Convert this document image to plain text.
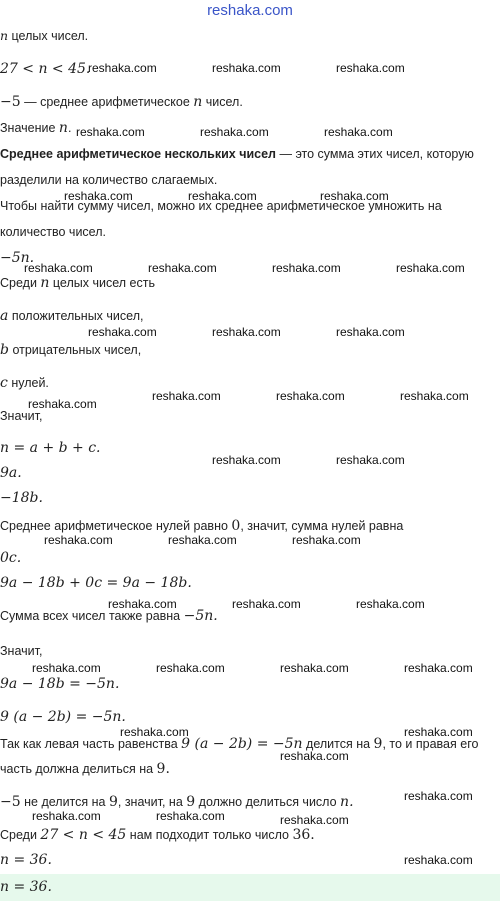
reshaka.com
n целых чисел.
27 < n < 45.
−5 — среднее арифметическое n чисел.
Значение n.
Среднее арифметическое нескольких чисел — это сумма этих чисел, которую
разделили на количество слагаемых.
Чтобы найти сумму чисел, можно их среднее арифметическое умножить на
количество чисел.
−5n.
Среди n целых чисел есть
a положительных чисел,
b отрицательных чисел,
c нулей.
Значит,
n = a + b + c.
9a.
−18b.
Среднее арифметическое нулей равно 0, значит, сумма нулей равна
0c.
9a − 18b + 0c = 9a − 18b.
Сумма всех чисел также равна −5n.
Значит,
9a − 18b = −5n.
9 (a − 2b) = −5n.
Так как левая часть равенства 9 (a − 2b) = −5n делится на 9, то и правая его
часть должна делиться на 9.
−5 не делится на 9, значит, на 9 должно делиться число n.
Среди 27 < n < 45 нам подходит только число 36.
n = 36.
n = 36.
reshaka.com	reshaka.com	reshaka.com
reshaka.com	reshaka.com	reshaka.com
reshaka.com	reshaka.com	reshaka.com
reshaka.com	reshaka.com	reshaka.com	reshaka.com
reshaka.com	reshaka.com	reshaka.com
reshaka.com
reshaka.com	reshaka.com	reshaka.com
reshaka.com	reshaka.com
reshaka.com	reshaka.com	reshaka.com
reshaka.com	reshaka.com	reshaka.com
reshaka.com	reshaka.com	reshaka.com	reshaka.com
reshaka.com
reshaka.com
reshaka.com
reshaka.com
reshaka.com	reshaka.com	reshaka.com
reshaka.com
